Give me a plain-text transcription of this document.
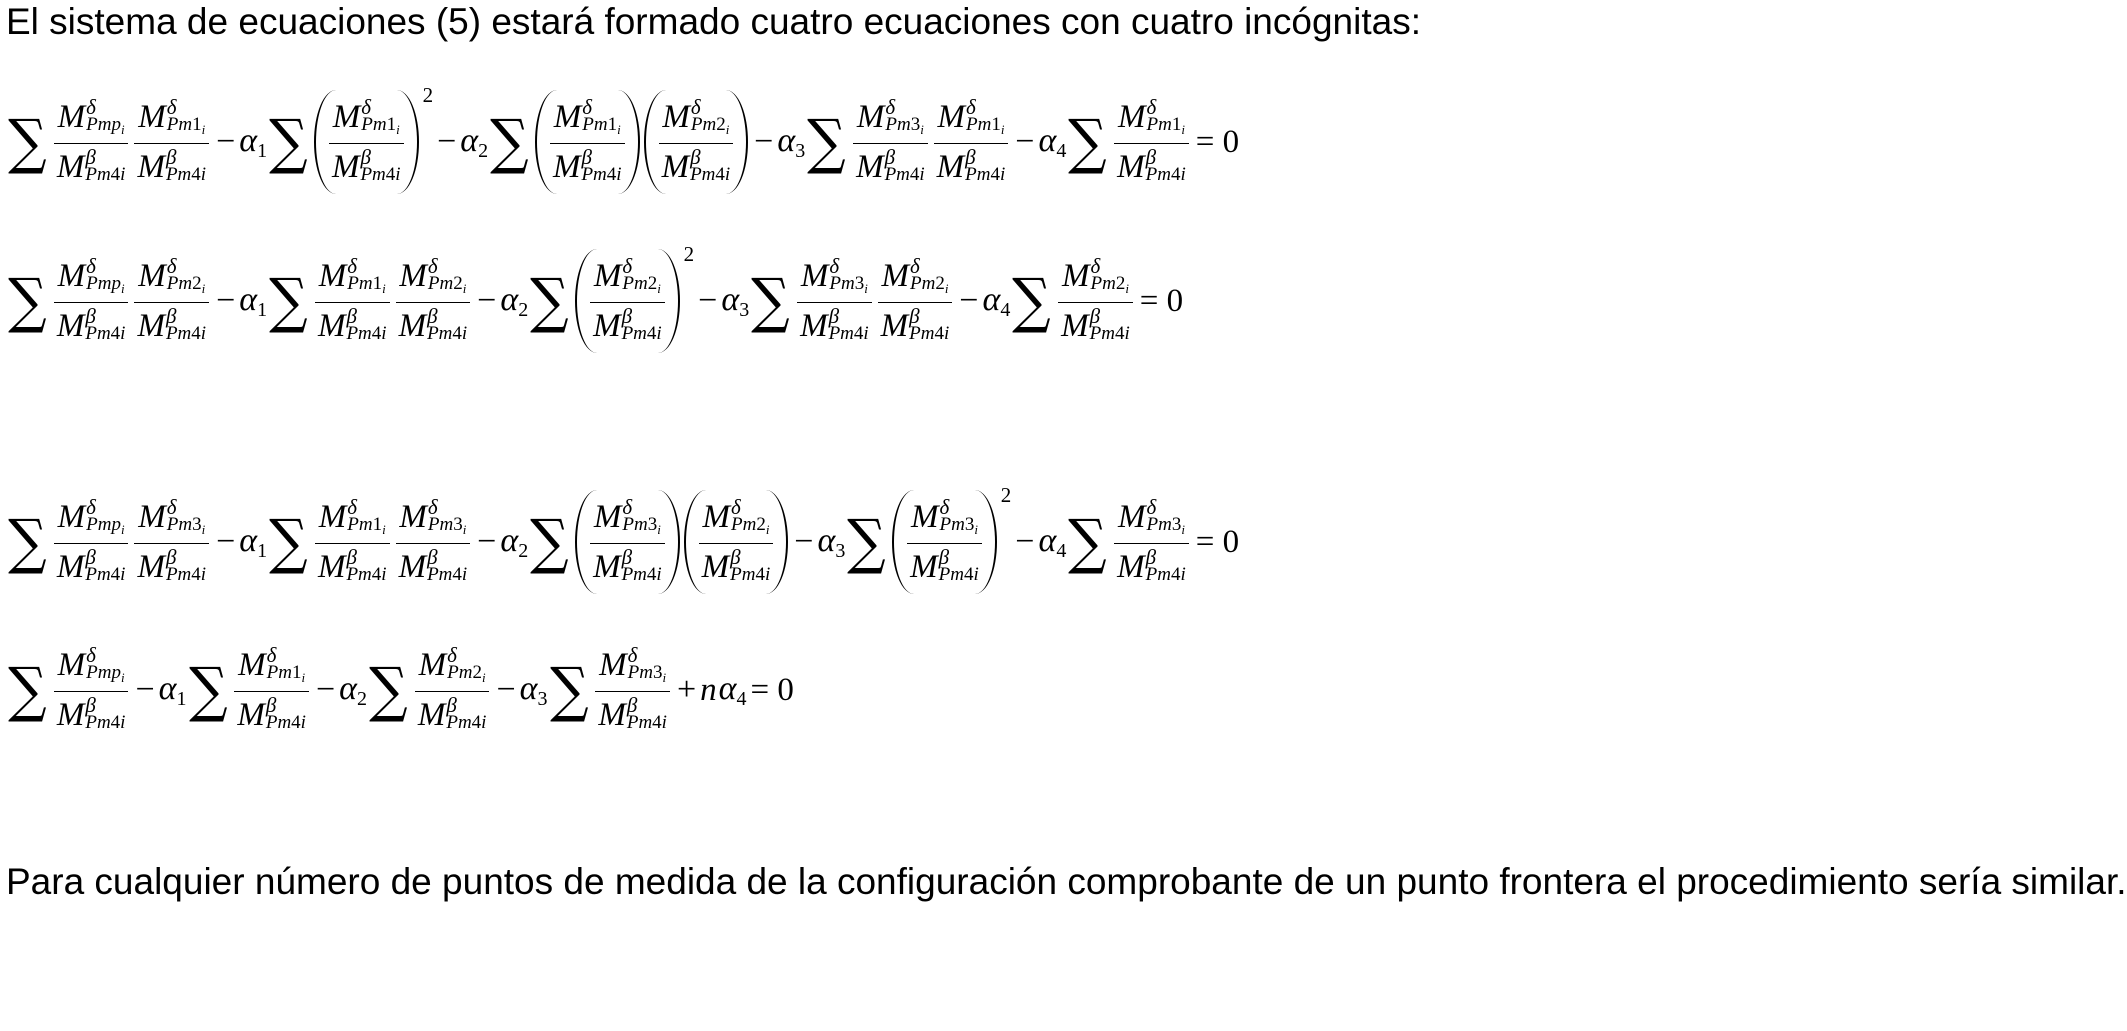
El sistema de ecuaciones (5) estará formado cuatro ecuaciones con cuatro incógnitas:

∑ M δ
Pmp$_i$
M β
Pm4i M δ
$Pm1_i$
M β
$Pm4i - \alpha_1$ ∑ M δ
$Pm1_i$
M β
Pm4i
2
− $\alpha_2$ ∑ M δ
$Pm1_i$
M β
Pm4i M δ
$Pm2_i$
M β
$Pm4i - \alpha_3$ ∑ M δ
$Pm3_i$
M β
Pm4i M δ
$Pm1_i$
M β
$Pm4i - \alpha_4$ ∑ M δ
$Pm1_i$
M β
Pm4i = 0
∑ M δ
Pmp$_i$
M β
Pm4i M δ
$Pm2_i$
M β
$Pm4i - \alpha_1$ ∑ M δ
$Pm1_i$
M β
Pm4i M δ
$Pm2_i$
M β
$Pm4i - \alpha_2$ ∑ M δ
$Pm2_i$
M β
Pm4i
2
− $\alpha_3$ ∑ M δ
$Pm3_i$
M β
Pm4i M δ
$Pm2_i$
M β
$Pm4i - \alpha_4$ ∑ M δ
$Pm2_i$
M β
Pm4i = 0
∑ M δ
Pmp$_i$
M β
Pm4i M δ
$Pm3_i$
M β
$Pm4i - \alpha_1$ ∑ M δ
$Pm1_i$
M β
Pm4i M δ
$Pm3_i$
M β
$Pm4i - \alpha_2$ ∑ M δ
$Pm3_i$
M β
Pm4i M δ
$Pm2_i$
M β
$Pm4i - \alpha_3$ ∑ M δ
$Pm3_i$
M β
Pm4i
2
− $\alpha_4$ ∑ M δ
$Pm3_i$
M β
Pm4i = 0
∑ M δ
Pmp$_i$
M β
$Pm4i - \alpha_1$ ∑ M δ
$Pm1_i$
M β
$Pm4i - \alpha_2$ ∑ M δ
$Pm2_i$
M β
$Pm4i - \alpha_3$ ∑ M δ
$Pm3_i$
M β
Pm4i + n $\alpha_4 = 0$

Para cualquier número de puntos de medida de la configuración comprobante de un punto frontera el procedimiento sería similar.
